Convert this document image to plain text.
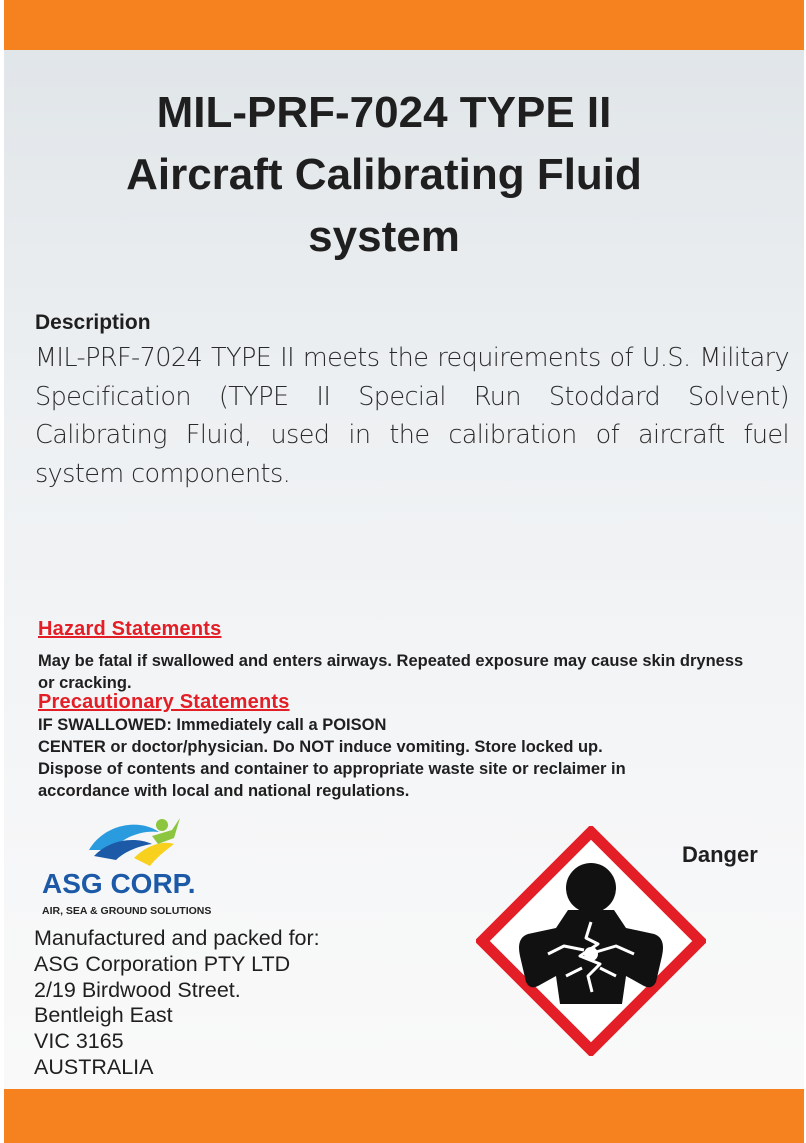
MIL-PRF-7024 TYPE II
Aircraft Calibrating Fluid
system
Description

MIL-PRF-7024 TYPE II meets the requirements of U.S. Military Specification (TYPE II Special Run Stoddard Solvent) Calibrating Fluid, used in the calibration of aircraft fuel system components.

Hazard Statements

May be fatal if swallowed and enters airways. Repeated exposure may cause skin dryness or cracking.

Precautionary Statements

IF SWALLOWED: Immediately call a POISON
CENTER or doctor/physician. Do NOT induce vomiting. Store locked up.
Dispose of contents and container to appropriate waste site or reclaimer in
accordance with local and national regulations.

ASG CORP.
AIR, SEA & GROUND SOLUTIONS
Manufactured and packed for:
ASG Corporation PTY LTD
2/19 Birdwood Street.
Bentleigh East
VIC 3165
AUSTRALIA

Danger
